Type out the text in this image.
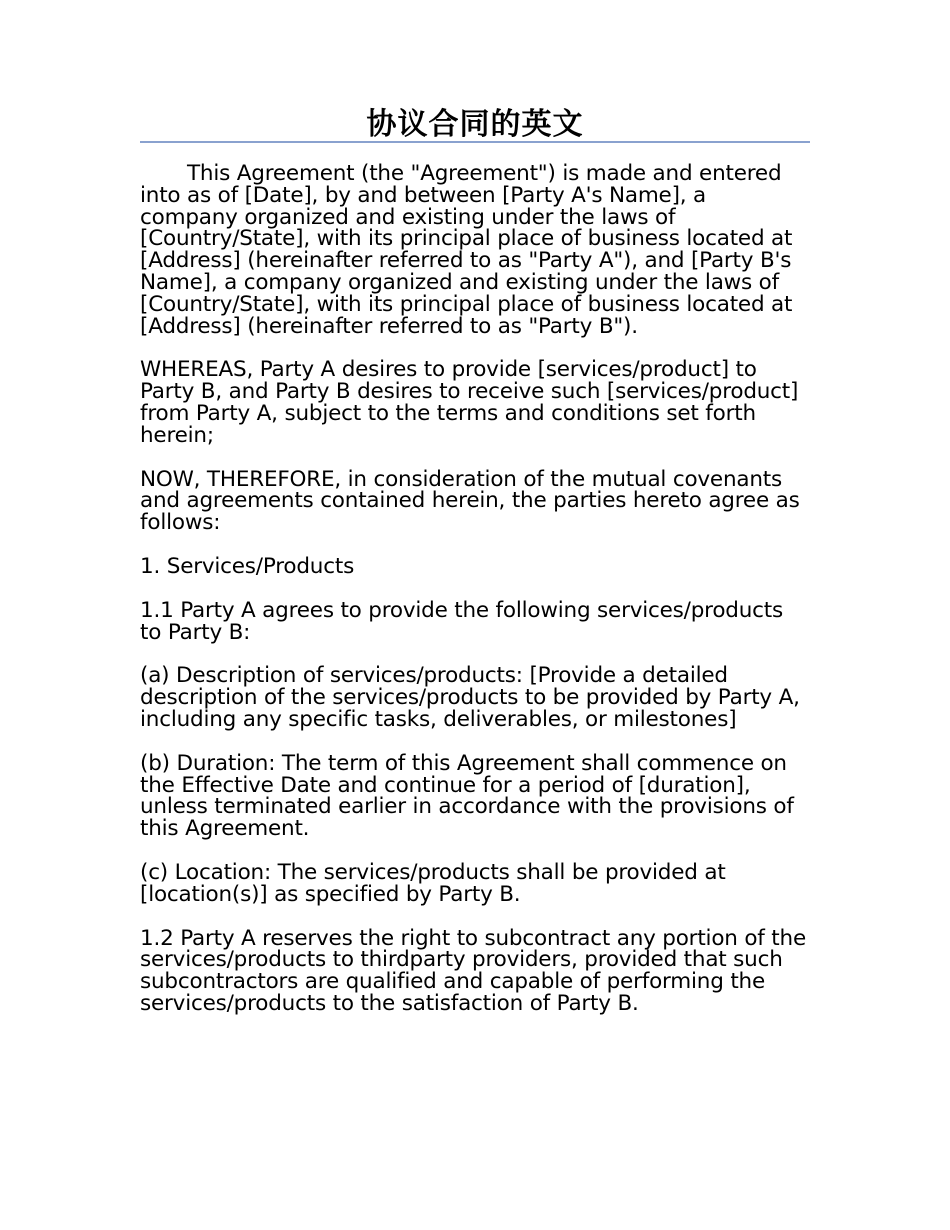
协议合同的英文

This Agreement (the "Agreement") is made and entered into as of [Date], by and between [Party A's Name], a company organized and existing under the laws of [Country/State], with its principal place of business located at [Address] (hereinafter referred to as "Party A"), and [Party B's Name], a company organized and existing under the laws of [Country/State], with its principal place of business located at [Address] (hereinafter referred to as "Party B").

WHEREAS, Party A desires to provide [services/product] to Party B, and Party B desires to receive such [services/product] from Party A, subject to the terms and conditions set forth herein;

NOW, THEREFORE, in consideration of the mutual covenants and agreements contained herein, the parties hereto agree as follows:

1. Services/Products

1.1 Party A agrees to provide the following services/products to Party B:

(a) Description of services/products: [Provide a detailed description of the services/products to be provided by Party A, including any specific tasks, deliverables, or milestones]

(b) Duration: The term of this Agreement shall commence on the Effective Date and continue for a period of [duration], unless terminated earlier in accordance with the provisions of this Agreement.

(c) Location: The services/products shall be provided at [location(s)] as specified by Party B.

1.2 Party A reserves the right to subcontract any portion of the services/products to thirdparty providers, provided that such subcontractors are qualified and capable of performing the services/products to the satisfaction of Party B.
